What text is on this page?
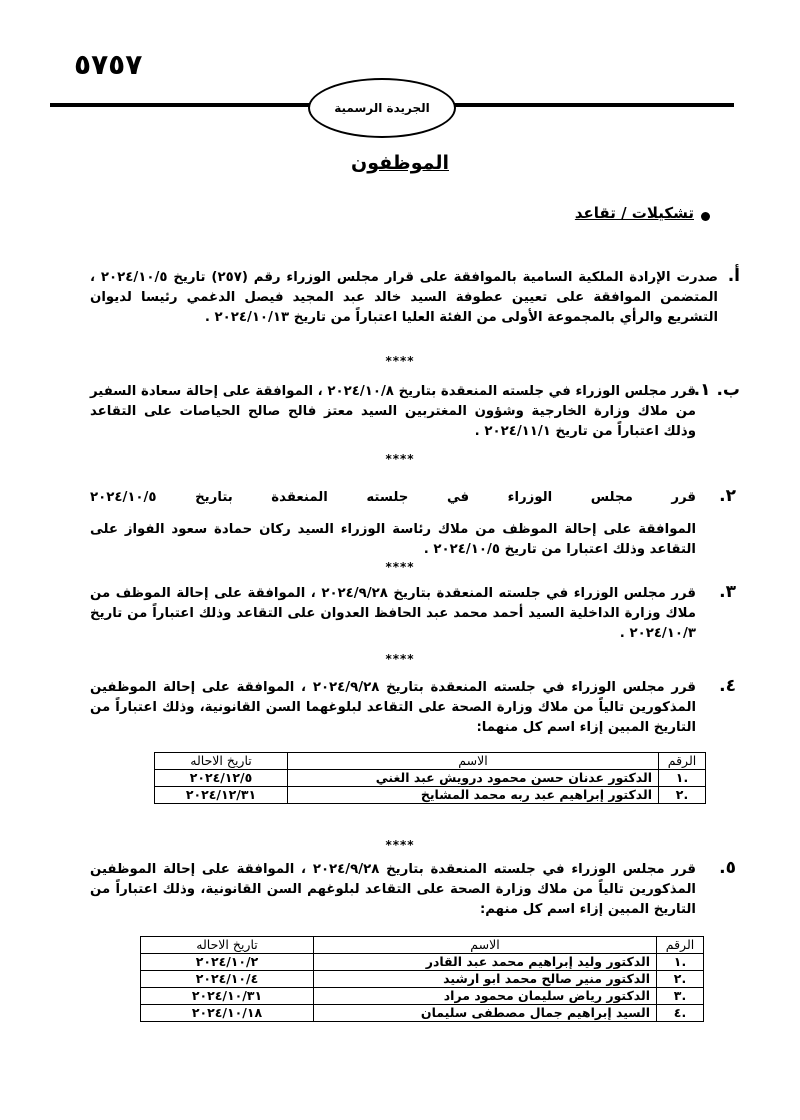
٥٧٥٧
الجريدة الرسمية
الموظفون
تشكيلات / تقاعد
أ.
صدرت الإرادة الملكية السامية بالموافقة على قرار مجلس الوزراء رقم (٢٥٧) تاريخ ٢٠٢٤/١٠/٥ ، المتضمن الموافقة على تعيين عطوفة السيد خالد عبد المجيد فيصل الدغمي رئيسا لديوان التشريع والرأي بالمجموعة الأولى من الفئة العليا اعتباراً من تاريخ ٢٠٢٤/١٠/١٣ .
****
ب. ١.
قرر مجلس الوزراء في جلسته المنعقدة بتاريخ ٢٠٢٤/١٠/٨ ، الموافقة على إحالة سعادة السفير من ملاك وزارة الخارجية وشؤون المغتربين السيد معتز فالح صالح الحياصات على التقاعد وذلك اعتباراً من تاريخ ٢٠٢٤/١١/١ .
****
٢.
قرر مجلس الوزراء في جلسته المنعقدة بتاريخ ٢٠٢٤/١٠/٥
الموافقة على إحالة الموظف من ملاك رئاسة الوزراء السيد ركان حمادة سعود الفواز على التقاعد وذلك اعتبارا من تاريخ ٢٠٢٤/١٠/٥ .
****
٣.
قرر مجلس الوزراء في جلسته المنعقدة بتاريخ ٢٠٢٤/٩/٢٨ ، الموافقة على إحالة الموظف من ملاك وزارة الداخلية السيد أحمد محمد عبد الحافظ العدوان على التقاعد وذلك اعتباراً من تاريخ ٢٠٢٤/١٠/٣ .
****
٤.
قرر مجلس الوزراء في جلسته المنعقدة بتاريخ ٢٠٢٤/٩/٢٨ ، الموافقة على إحالة الموظفين المذكورين تالياً من ملاك وزارة الصحة على التقاعد لبلوغهما السن القانونية، وذلك اعتباراً من التاريخ المبين إزاء اسم كل منهما:
الرقم	الاسم	تاريخ الاحاله
.١	الدكتور عدنان حسن محمود درويش عبد الغني	٢٠٢٤/١٢/٥
.٢	الدكتور إبراهيم عبد ربه محمد المشايخ	٢٠٢٤/١٢/٣١
****
٥.
قرر مجلس الوزراء في جلسته المنعقدة بتاريخ ٢٠٢٤/٩/٢٨ ، الموافقة على إحالة الموظفين المذكورين تالياً من ملاك وزارة الصحة على التقاعد لبلوغهم السن القانونية، وذلك اعتباراً من التاريخ المبين إزاء اسم كل منهم:
الرقم	الاسم	تاريخ الاحاله
.١	الدكتور وليد إبراهيم محمد عبد القادر	٢٠٢٤/١٠/٢
.٢	الدكتور منير صالح محمد ابو ارشيد	٢٠٢٤/١٠/٤
.٣	الدكتور رياض سليمان محمود مراد	٢٠٢٤/١٠/٣١
.٤	السيد إبراهيم جمال مصطفى سليمان	٢٠٢٤/١٠/١٨
